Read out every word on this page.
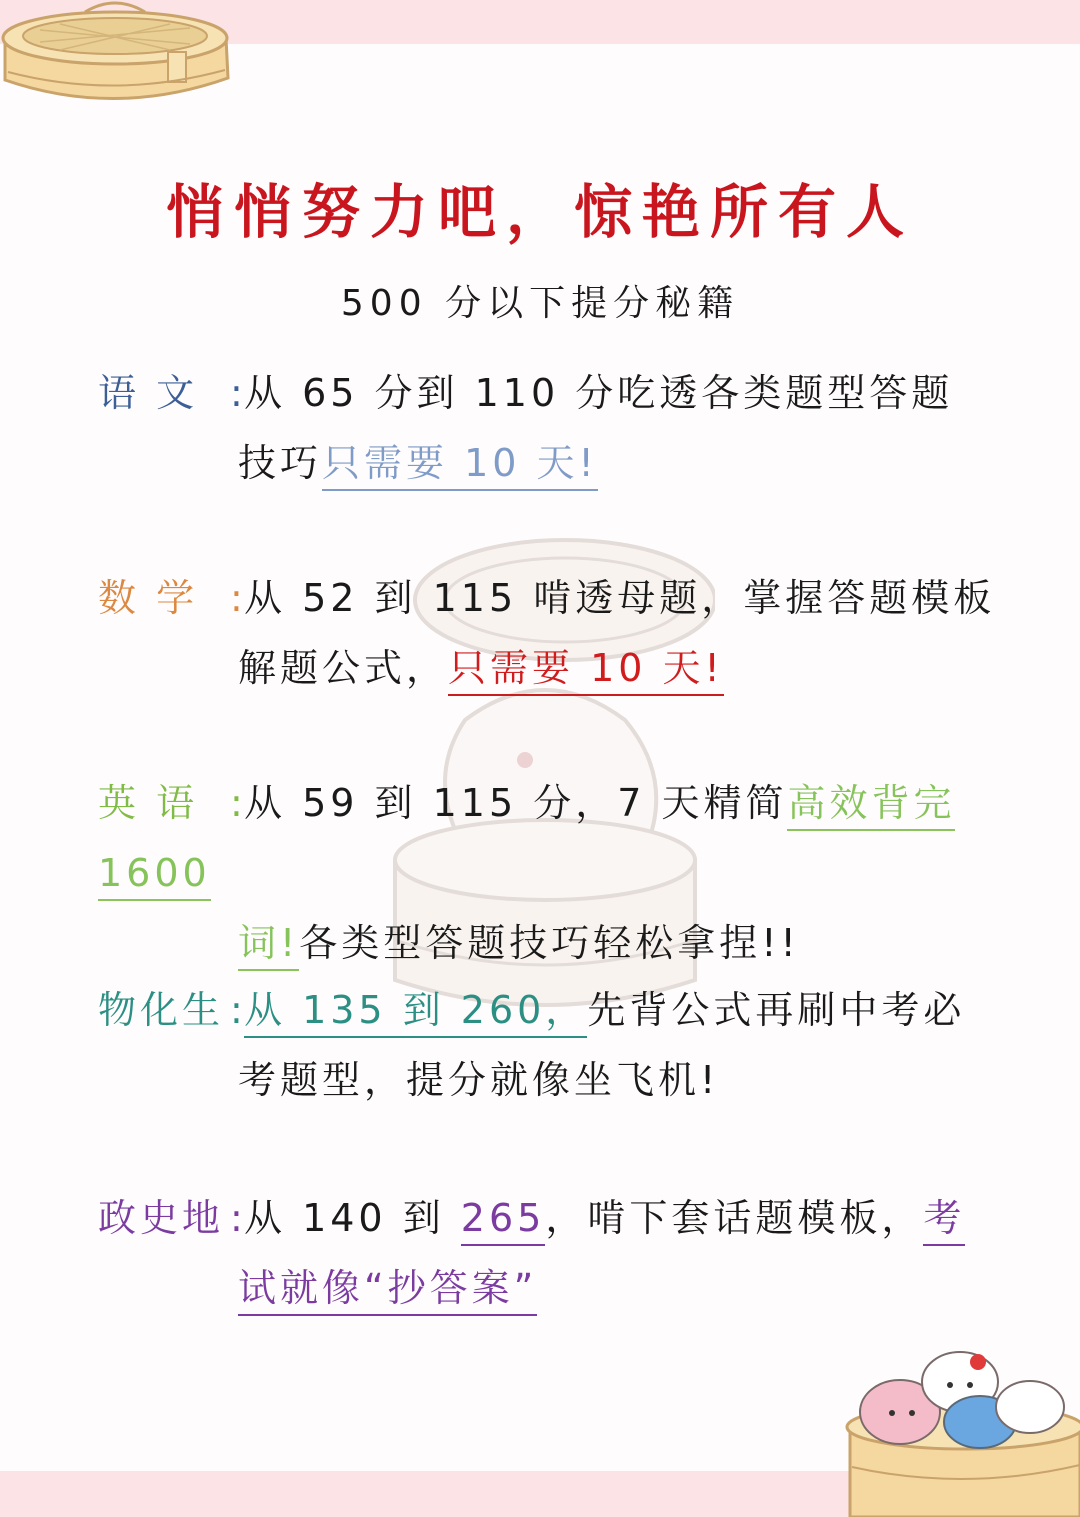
悄悄努力吧，惊艳所有人
500 分以下提分秘籍
语 文 :从 65 分到 110 分吃透各类题型答题
技巧只需要 10 天!
数 学 :从 52 到 115 啃透母题，掌握答题模板
解题公式，只需要 10 天!
英 语 :从 59 到 115 分，7 天精简高效背完 1600
词!各类型答题技巧轻松拿捏!!
物化生 :从 135 到 260，先背公式再刷中考必
考题型，提分就像坐飞机!
政史地 :从 140 到 265，啃下套话题模板，考
试就像“抄答案”
